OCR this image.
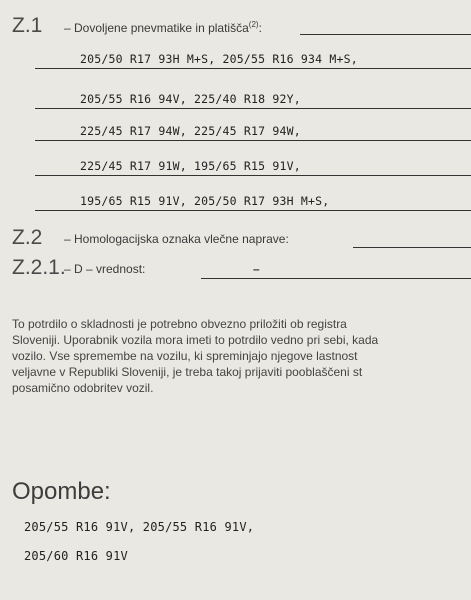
Z.1 – Dovoljene pnevmatike in platišča$^{(2)}$:
205/50 R17 93H M+S, 205/55 R16 934 M+S,
205/55 R16 94V, 225/40 R18 92Y,
225/45 R17 94W, 225/45 R17 94W,
225/45 R17 91W, 195/65 R15 91V,
195/65 R15 91V, 205/50 R17 93H M+S,
Z.2 – Homologacijska oznaka vlečne naprave:
Z.2.1.
– D – vrednost:	–
To potrdilo o skladnosti je potrebno obvezno priložiti ob registra
Sloveniji. Uporabnik vozila mora imeti to potrdilo vedno pri sebi, kada
vozilo. Vse spremembe na vozilu, ki spreminjajo njegove lastnost
veljavne v Republiki Sloveniji, je treba takoj prijaviti pooblaščeni st
posamično odobritev vozil.
Opombe:
205/55 R16 91V, 205/55 R16 91V,
205/60 R16 91V
